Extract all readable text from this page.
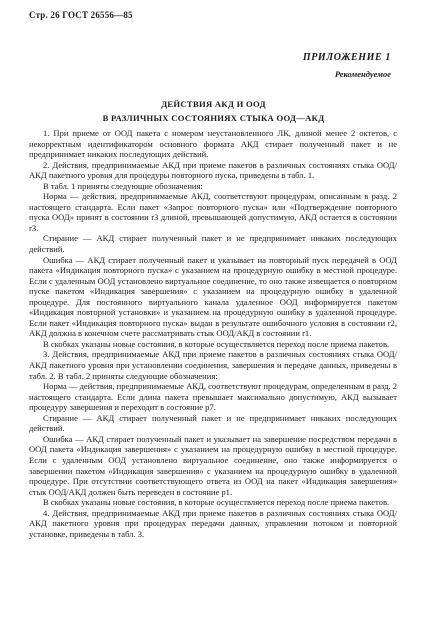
Стр. 26 ГОСТ 26556—85
ПРИЛОЖЕНИЕ 1
Рекомендуемое
ДЕЙСТВИЯ АКД И ООД
В РАЗЛИЧНЫХ СОСТОЯНИЯХ СТЫКА ООД—АКД

1. При приеме от ООД пакета с номером неустановленного ЛК, длиной менее 2 октетов, с некорректным идентификатором основного формата АКД стирает полученный пакет и не предпринимает никаких последующих действий.

2. Действия, предпринимаемые АКД при приеме пакетов в различных состояниях стыка ООД/АКД пакетного уровня для процедуры повторного пуска, приведены в табл. 1.

В табл. 1 приняты следующие обозначения:

Норма — действия, предпринимаемые АКД, соответствуют процедурам, описанным в разд. 2 настоящего стандарта. Если пакет «Запрос повторного пуска» или «Подтверждение повторного пуска ООД» принят в состоянии r3 длиной, превышающей допустимую, АКД остается в состоянии r3.

Стирание — АКД стирает полученный пакет и не предпринимает никаких последующих действий.

Ошибка — АКД стирает полученный пакет и указывает на повторный пуск передачей в ООД пакета «Индикация повторного пуска» с указанием на процедурную ошибку в местной процедуре. Если с удаленным ООД установлено виртуальное соединение, то оно также извещается о повторном пуске пакетом «Индикация завершения» с указанием на процедурную ошибку в удаленной процедуре. Для постоянного виртуального канала удаленное ООД информируется пакетом «Индикация повторной установки» и указанием на процедурную ошибку в удаленной процедуре. Если пакет «Индикация повторного пуска» выдан в результате ошибочного условия в состоянии r2, АКД должна в конечном счете рассматривать стык ООД/АКД в состоянии r1.

В скобках указаны новые состояния, в которые осуществляется переход после приема пакетов.

3. Действия, предпринимаемые АКД при приеме пакетов в различных состояниях стыка ООД/АКД пакетного уровня при установлении соединения, завершения и передаче данных, приведены в табл. 2. В табл. 2 приняты следующие обозначения:

Норма — действия, предпринимаемые АКД, соответствуют процедурам, определенным в разд. 2 настоящего стандарта. Если длина пакета превышает максимально допустимую, АКД вызывает процедуру завершения и переходит в состояние p7.

Стирание — АКД стирает полученный пакет и не предпринимает никаких последующих действий.

Ошибка — АКД стирает полученный пакет и указывает на завершение посредством передачи в ООД пакета «Индикация завершения» с указанием на процедурную ошибку в местной процедуре. Если с удаленным ООД установлено виртуальное соединение, оно также информируется о завершении пакетом «Индикация завершения» с указанием на процедурную ошибку в удаленной процедуре. При отсутствии соответствующего ответа из ООД на пакет «Индикация завершения» стык ООД/АКД должен быть переведен в состояние p1.

В скобках указаны новые состояния, в которые осуществляется переход после приема пакетов.

4. Действия, предпринимаемые АКД при приеме пакетов в различных состояниях стыка ООД/АКД пакетного уровня при процедурах передачи данных, управлении потоком и повторной установке, приведены в табл. 3.
